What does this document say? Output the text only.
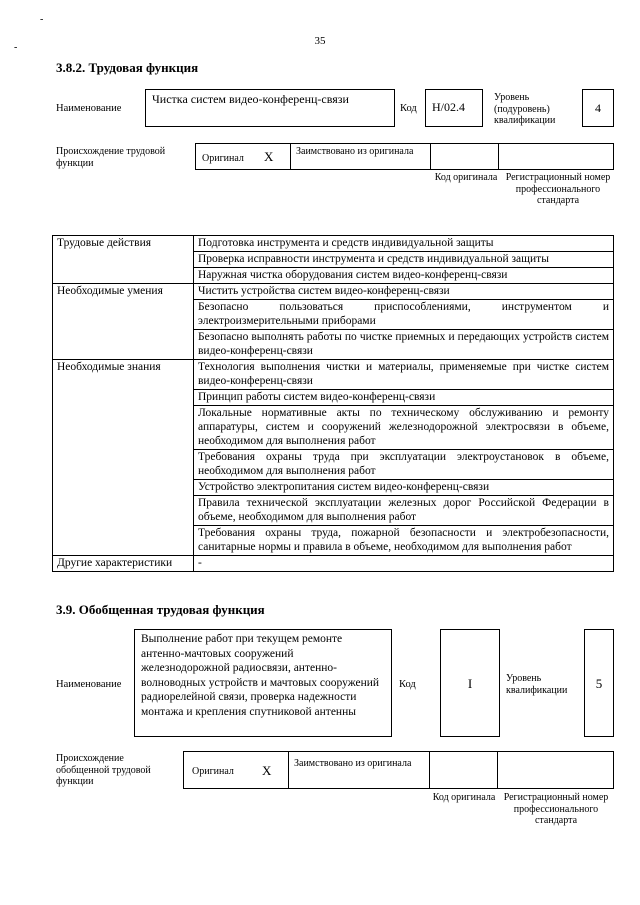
‐
‐
35
3.8.2. Трудовая функция
Наименование
Чистка систем видео-конференц-связи
Код	H/02.4
Уровень (подуровень) квалификации
4
Происхождение трудовой функции	Оригинал X Заимствовано из оригинала
Код оригинала Регистрационный номер профессионального стандарта
Трудовые действия	Подготовка инструмента и средств индивидуальной защиты
	Проверка исправности инструмента и средств индивидуальной защиты
	Наружная чистка оборудования систем видео-конференц-связи
Необходимые умения	Чистить устройства систем видео-конференц-связи
	Безопасно пользоваться приспособлениями, инструментом и электроизмерительными приборами
	Безопасно выполнять работы по чистке приемных и передающих устройств систем видео-конференц-связи
Необходимые знания	Технология выполнения чистки и материалы, применяемые при чистке систем видео-конференц-связи
	Принцип работы систем видео-конференц-связи
	Локальные нормативные акты по техническому обслуживанию и ремонту аппаратуры, систем и сооружений железнодорожной электросвязи в объеме, необходимом для выполнения работ
	Требования охраны труда при эксплуатации электроустановок в объеме, необходимом для выполнения работ
	Устройство электропитания систем видео-конференц-связи
	Правила технической эксплуатации железных дорог Российской Федерации в объеме, необходимом для выполнения работ
	Требования охраны труда, пожарной безопасности и электробезопасности, санитарные нормы и правила в объеме, необходимом для выполнения работ
Другие характеристики	-
3.9. Обобщенная трудовая функция
Наименование
Выполнение работ при текущем ремонте антенно-мачтовых сооружений железнодорожной радиосвязи, антенно-волноводных устройств и мачтовых сооружений радиорелейной связи, проверка надежности монтажа и крепления спутниковой антенны
Код	I	Уровень квалификации	5
Происхождение обобщенной трудовой функции
Оригинал X Заимствовано из оригинала
Код оригинала Регистрационный номер профессионального стандарта
